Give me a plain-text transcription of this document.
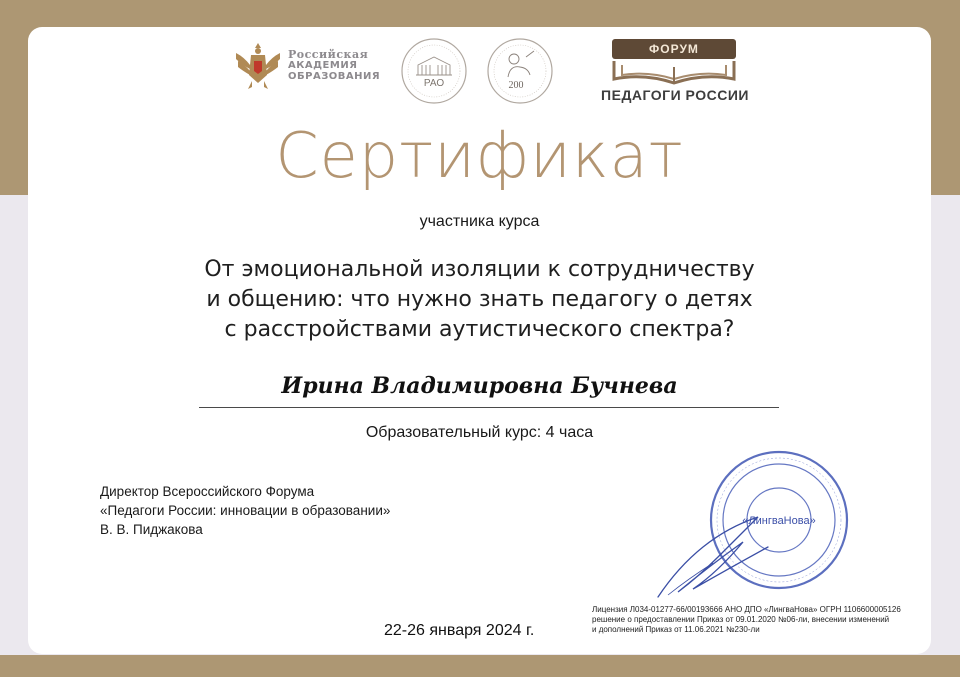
Российская
АКАДЕМИЯ
ОБРАЗОВАНИЯ
РАО	200
ФОРУМ
ПЕДАГОГИ РОССИИ
Сертификат
участника курса
От эмоциональной изоляции к сотрудничеству
и общению: что нужно знать педагогу о детях
с расстройствами аутистического спектра?
Ирина Владимировна Бучнева
Образовательный курс: 4 часа
Директор Всероссийского Форума
«Педагоги России: инновации в образовании»
В. В. Пиджакова
«ЛингваНова»
22-26 января 2024 г.
Лицензия Л034-01277-66/00193666 АНО ДПО «ЛингваНова» ОГРН 1106600005126
решение о предоставлении Приказ от 09.01.2020 №06-ли, внесении изменений
и дополнений Приказ от 11.06.2021 №230-ли
